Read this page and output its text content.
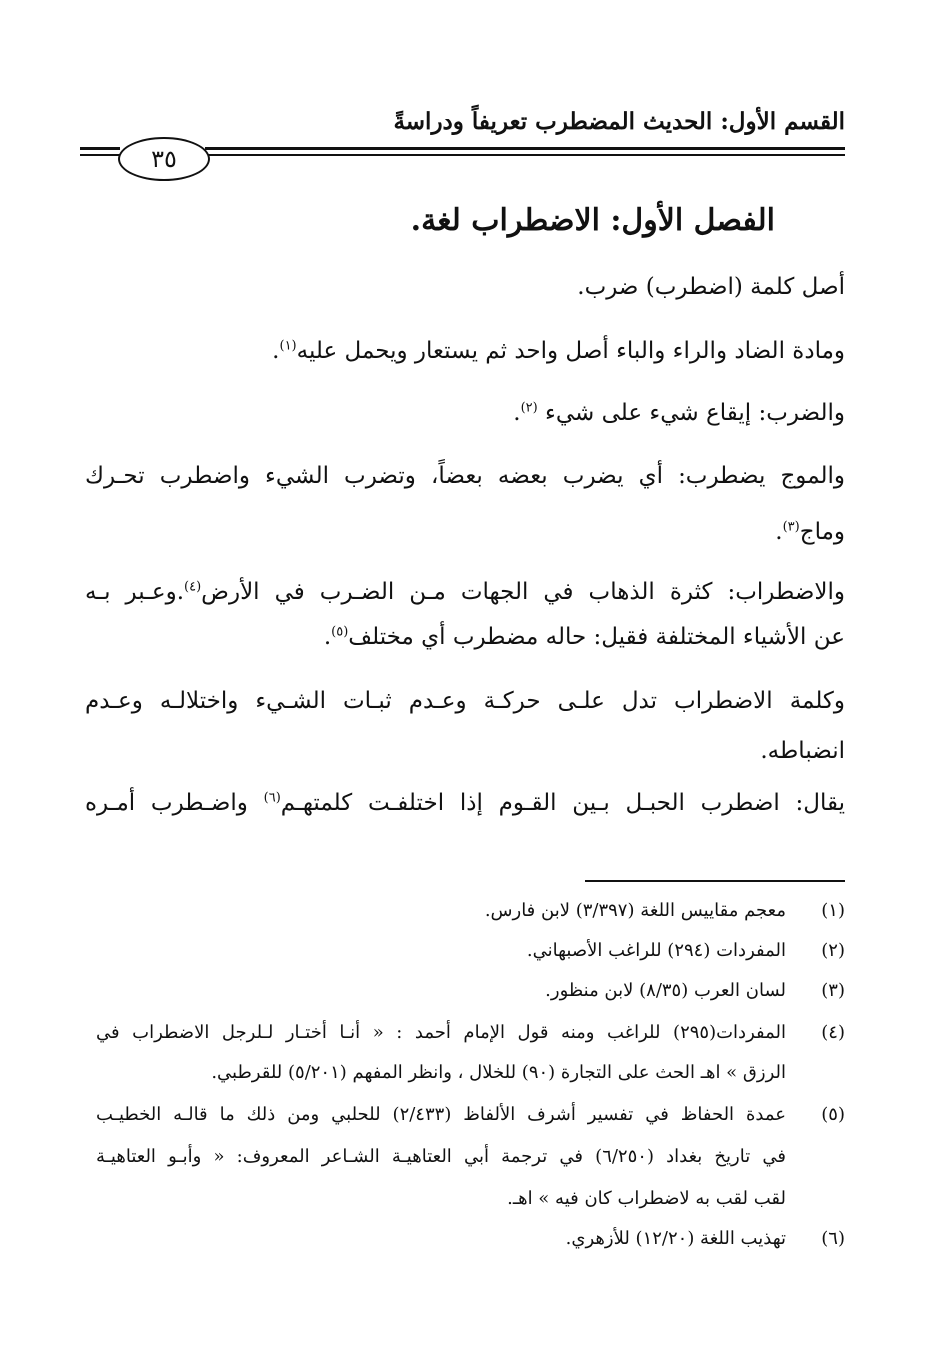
القسم الأول: الحديث المضطرب تعريفاً ودراسةً
٣٥
الفصل الأول: الاضطراب لغة.
أصل كلمة (اضطرب) ضرب.
ومادة الضاد والراء والباء أصل واحد ثم يستعار ويحمل عليه$^{(١)}$.
والضرب: إيقاع شيء على شيء $^{(٢)}$.
والموج يضطرب: أي يضرب بعضه بعضاً، وتضرب الشيء واضطرب تحـرك
وماج$^{(٣)}$.
والاضطراب: كثرة الذهاب في الجهات مـن الضـرب في الأرض$^{(٤)}$.وعـبر بـه
عن الأشياء المختلفة فقيل: حاله مضطرب أي مختلف$^{(٥)}$.
وكلمة الاضطراب تدل علـى حركـة وعـدم ثبـات الشـيء واختلالـه وعـدم
انضباطه.
يقال: اضطرب الحبـل بـين القـوم إذا اختلفـت كلمتهـم$^{(٦)}$ واضـطرب أمـره
(١)
معجم مقاييس اللغة (٣/٣٩٧) لابن فارس.
(٢)
المفردات (٢٩٤) للراغب الأصبهاني.
(٣)
لسان العرب (٨/٣٥) لابن منظور.
(٤)
المفردات(٢٩٥) للراغب ومنه قول الإمام أحمد : « أنـا أختـار لـلرجل الاضطراب في
الرزق » اهـ الحث على التجارة (٩٠) للخلال ، وانظر المفهم (٥/٢٠١) للقرطبي.
(٥)
عمدة الحفاظ في تفسير أشرف الألفاظ (٢/٤٣٣) للحلبي ومن ذلك ما قالـه الخطيـب
في تاريخ بغداد (٦/٢٥٠) في ترجمة أبي العتاهيـة الشـاعر المعروف: « وأبـو العتاهيـة
لقب لقب به لاضطراب كان فيه » اهـ.
(٦)
تهذيب اللغة (١٢/٢٠) للأزهري.
